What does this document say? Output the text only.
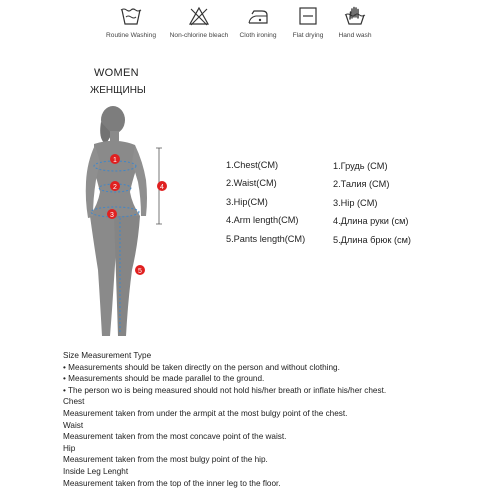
Routine Washing Non-chlorine bleach	Cloth ironing	Flat drying	Hand wash
WOMEN
ЖЕНЩИНЫ
1
2
3
4
5
1.Chest(CM)
2.Waist(CM)
3.Hip(CM)
4.Arm length(CM)
5.Pants length(CM)
1.Грудь (CM)
2.Талия (CM)
3.Hip (CM)
4.Длина руки (см)
5.Длина брюк (см)
Size Measurement Type
• Measurements should be taken directly on the person and without clothing.
• Measurements should be made parallel to the ground.
• The person wo is being measured should not hold his/her breath or inflate his/her chest.
Chest
Measurement taken from under the armpit at the most bulgy point of the chest.
Waist
Measurement taken from the most concave point of the waist.
Hip
Measurement taken from the most bulgy point of the hip.
Inside Leg Lenght
Measurement taken from the top of the inner leg to the floor.
